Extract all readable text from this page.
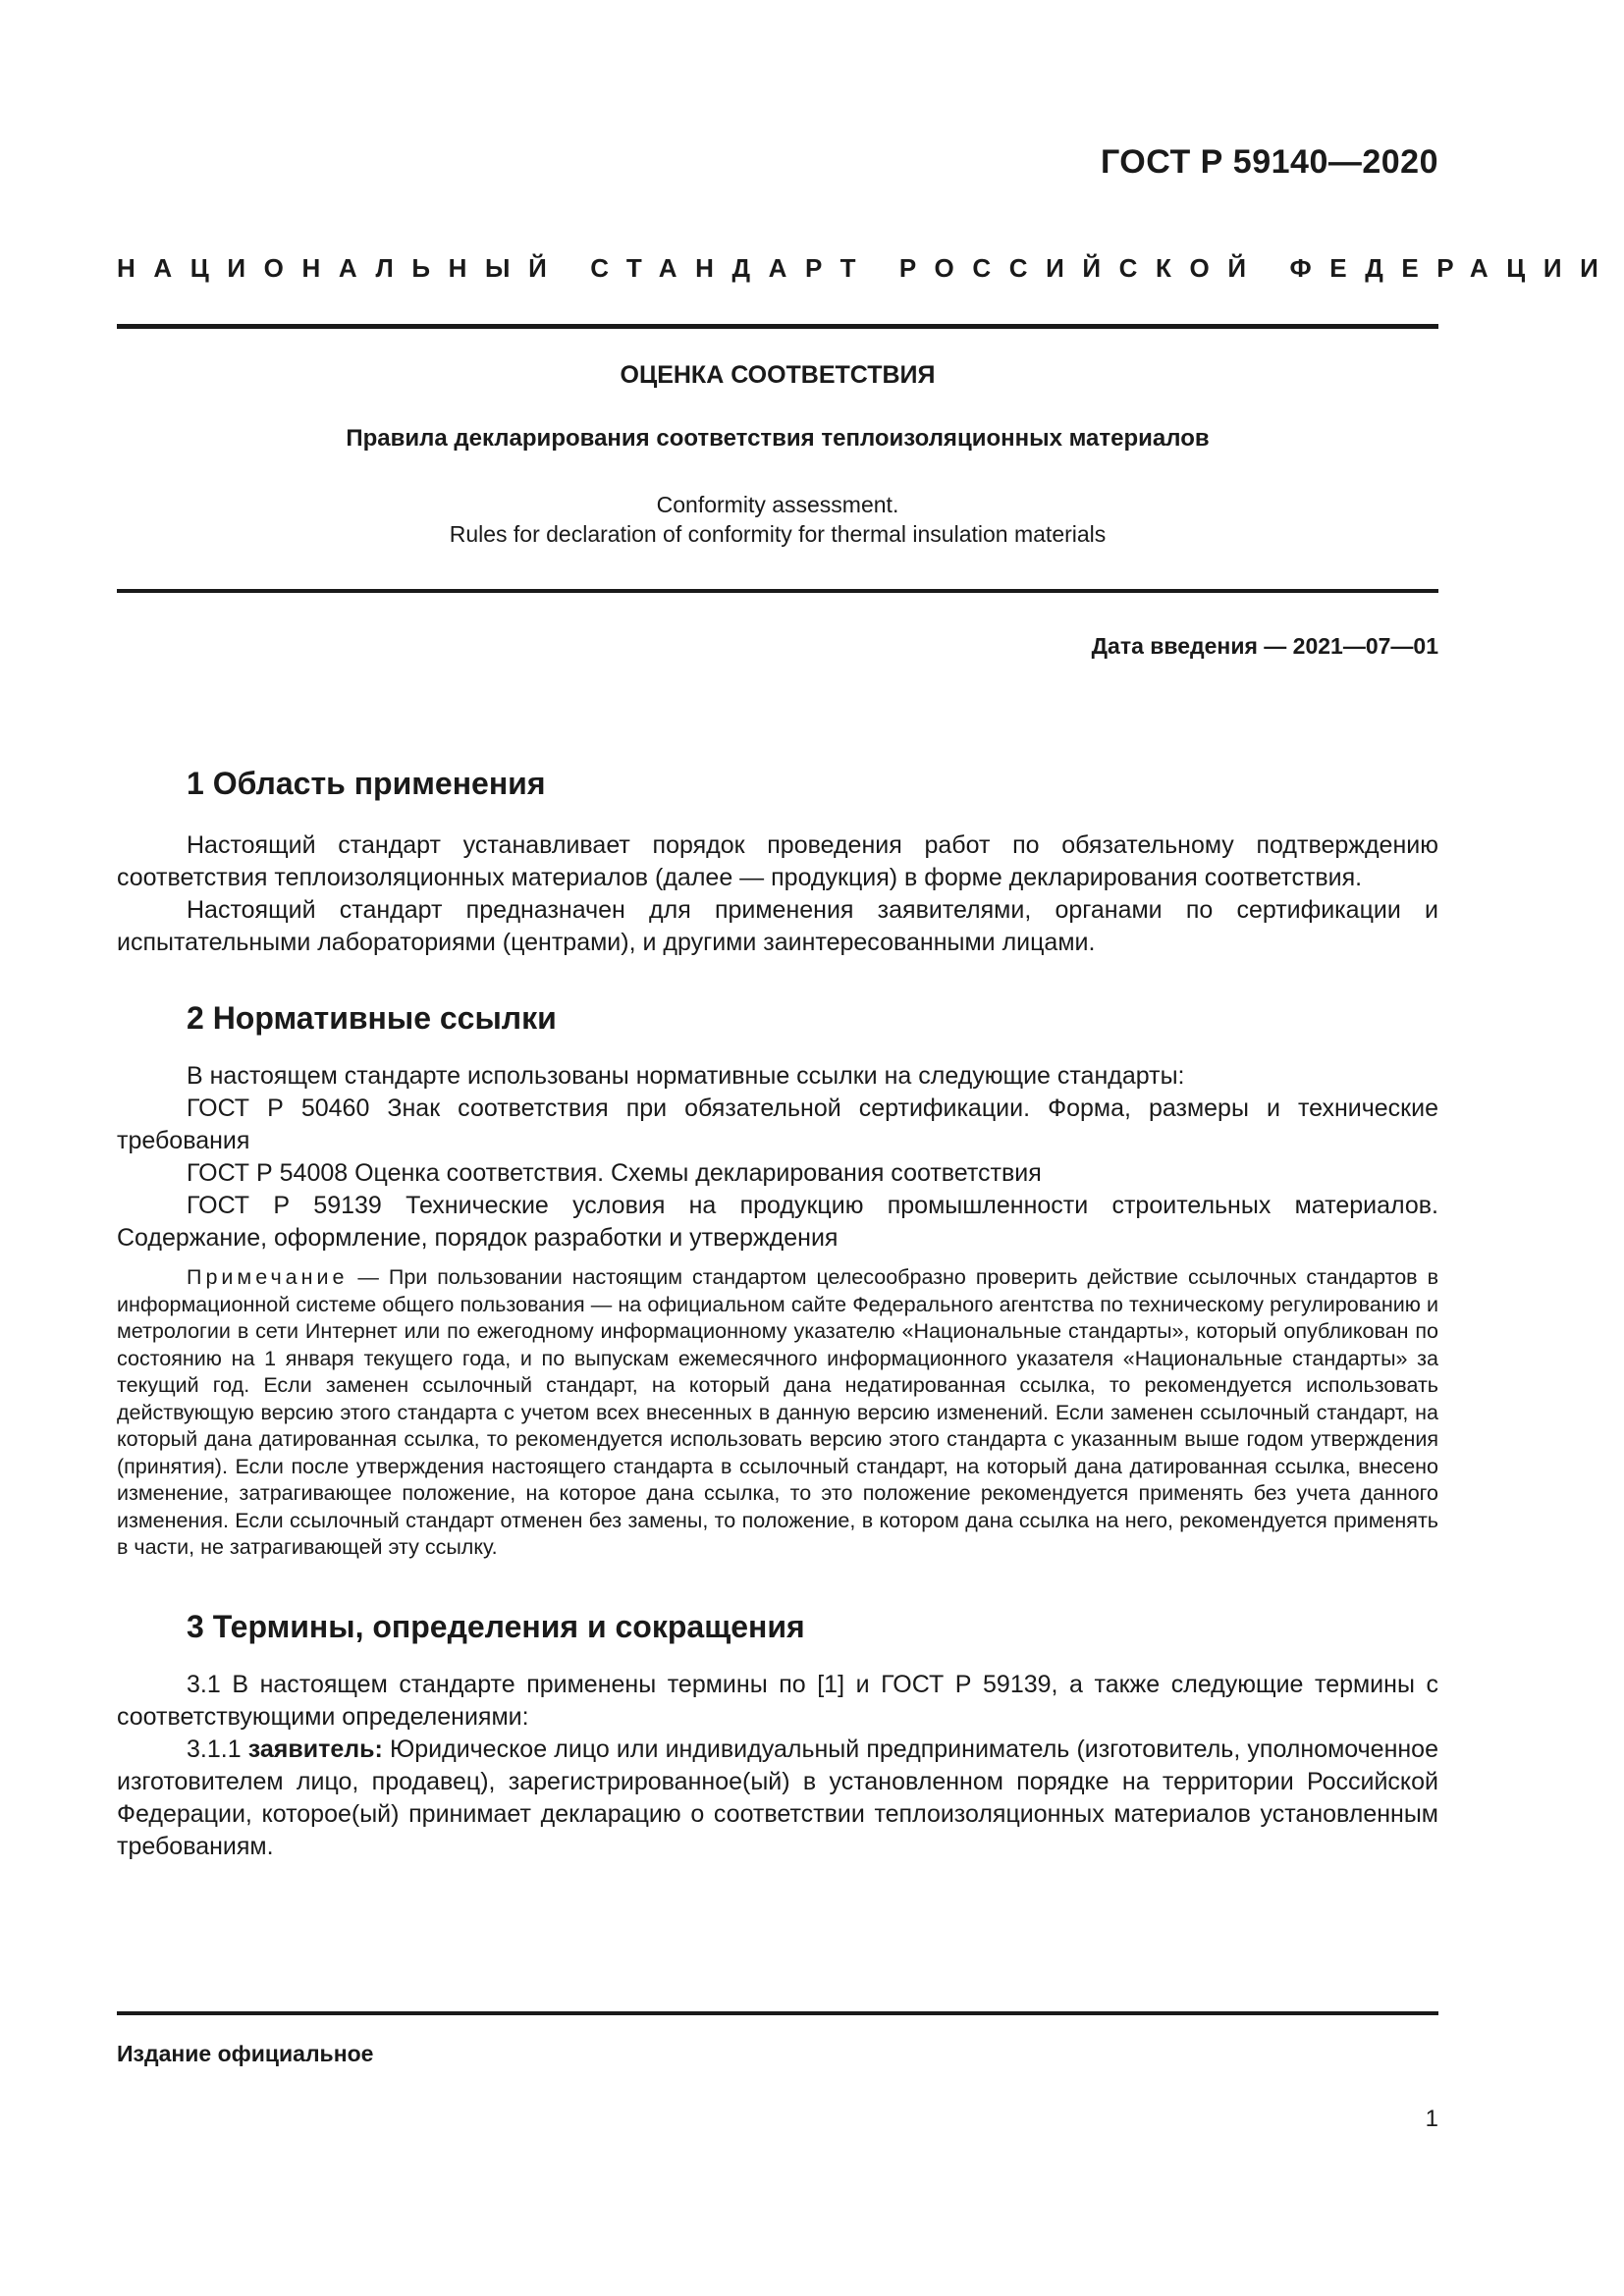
ГОСТ Р 59140—2020
НАЦИОНАЛЬНЫЙ СТАНДАРТ РОССИЙСКОЙ ФЕДЕРАЦИИ
ОЦЕНКА СООТВЕТСТВИЯ
Правила декларирования соответствия теплоизоляционных материалов
Conformity assessment.
Rules for declaration of conformity for thermal insulation materials
Дата введения — 2021—07—01
1 Область применения

Настоящий стандарт устанавливает порядок проведения работ по обязательному подтверждению соответствия теплоизоляционных материалов (далее — продукция) в форме декларирования соответствия.

Настоящий стандарт предназначен для применения заявителями, органами по сертификации и испытательными лабораториями (центрами), и другими заинтересованными лицами.

2 Нормативные ссылки

В настоящем стандарте использованы нормативные ссылки на следующие стандарты:

ГОСТ Р 50460 Знак соответствия при обязательной сертификации. Форма, размеры и технические требования

ГОСТ Р 54008 Оценка соответствия. Схемы декларирования соответствия

ГОСТ Р 59139 Технические условия на продукцию промышленности строительных материалов. Содержание, оформление, порядок разработки и утверждения

Примечание — При пользовании настоящим стандартом целесообразно проверить действие ссылочных стандартов в информационной системе общего пользования — на официальном сайте Федерального агентства по техническому регулированию и метрологии в сети Интернет или по ежегодному информационному указателю «Национальные стандарты», который опубликован по состоянию на 1 января текущего года, и по выпускам ежемесячного информационного указателя «Национальные стандарты» за текущий год. Если заменен ссылочный стандарт, на который дана недатированная ссылка, то рекомендуется использовать действующую версию этого стандарта с учетом всех внесенных в данную версию изменений. Если заменен ссылочный стандарт, на который дана датированная ссылка, то рекомендуется использовать версию этого стандарта с указанным выше годом утверждения (принятия). Если после утверждения настоящего стандарта в ссылочный стандарт, на который дана датированная ссылка, внесено изменение, затрагивающее положение, на которое дана ссылка, то это положение рекомендуется применять без учета данного изменения. Если ссылочный стандарт отменен без замены, то положение, в котором дана ссылка на него, рекомендуется применять в части, не затрагивающей эту ссылку.

3 Термины, определения и сокращения

3.1 В настоящем стандарте применены термины по [1] и ГОСТ Р 59139, а также следующие термины с соответствующими определениями:

3.1.1 заявитель: Юридическое лицо или индивидуальный предприниматель (изготовитель, уполномоченное изготовителем лицо, продавец), зарегистрированное(ый) в установленном порядке на территории Российской Федерации, которое(ый) принимает декларацию о соответствии теплоизоляционных материалов установленным требованиям.

Издание официальное
1
